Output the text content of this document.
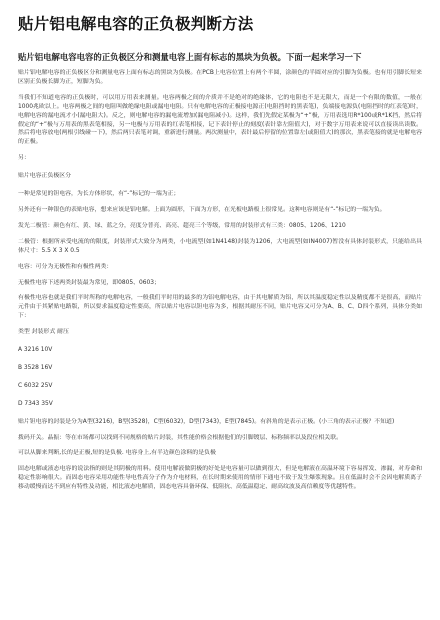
贴片铝电解电容的正负极判断方法
贴片铝电解电容电容的正负极区分和测量电容上面有标志的黑块为负极。下面一起来学习一下

贴片铝电解电容的正负极区分和测量电容上面有标志的黑块为负极。在PCB上电容位置上有两个半圆，涂颜色的半圆对应的引脚为负极。也有用引脚长短来区别正负极长脚为正，短脚为负。

当我们不知道电容的正负极时，可以用万用表来测量。电容两极之间的介质并不是绝对的绝缘体，它的电阻也不是无限大，而是一个有限的数值，一般在1000兆欧以上。电容两极之间的电阻叫做绝缘电阻或漏电电阻。只有电解电容的正极接电源正(电阻挡时的黑表笔)，负端接电源负(电阻挡时的红表笔)时，电解电容的漏电流才小(漏电阻大)。反之，则电解电容的漏电流增加(漏电阻减小)。这样，我们先假定某极为“+”极，万用表选用R*100或R*1K挡，然后将假定的“+”极与万用表的黑表笔相接，另一电极与万用表的红表笔相接，记下表针停止的刻度(表针靠左阻值大)，对于数字万用表来说可以直接读出读数。然后将电容放电(两根引线碰一下)，然后两只表笔对调，重新进行测量。两次测量中，表针最后停留的位置靠左(或阻值大)的那次，黑表笔接的就是电解电容的正极。

另：

贴片电容正负极区分

一种是常见的钽电容，为长方体形状，有“-”标记的一端为正；

另外还有一种银色的表贴电容，想来应该是铝电解。上面为圆形，下面为方形，在光板电路板上很常见。这种电容则是有“-”标记的一端为负。

发光二极管：颜色有红、黄、绿、蓝之分，亮度分普亮、高亮、超亮三个等级，常用的封装形式有三类：0805、1206、1210

二极管：根据所承受电流的的限度，封装形式大致分为两类，小电流型(如1N4148)封装为1206，大电流型(如IN4007)暂没有具体封装形式，只能给出具体尺寸：5.5 X 3 X 0.5

电容：可分为无极性和有极性两类：

无极性电容下述两类封装最为常见，即0805、0603；

有极性电容也就是我们平时所称的电解电容，一般我们平时用的最多的为铝电解电容，由于其电解质为铝，所以其温度稳定性以及精度都不是很高，而贴片元件由于其紧贴电路版，所以要求温度稳定性要高，所以贴片电容以钽电容为多，根据其耐压不同，贴片电容又可分为A、B、C、D四个系列，具体分类如下：

类型 封装形式 耐压

A 3216 10V

B 3528 16V

C 6032 25V

D 7343 35V

贴片钽电容的封装是分为A型(3216)，B型(3528)，C型(6032)，D型(7343)，E型(7845)。有斜角的是表示正极。(小三角的表示正极？不知道)

拨码开关。晶振：等在市场都可以找到不同规格的贴片封装，其性能价格会根据他们的引脚镀层、标称频率以及段位相关联。

可以从脚来判断,长的是正极,短的是负极. 电容身上,有半边颜色涂料的是负极

固态电解或液态电容的说法指的则是其阴极的用料。使用电解液做阴极的好处是电容量可以做到很大，但是电解液在高温环境下容易挥发、渗漏，对寿命和稳定性影响很大。而固态电容采用功能性导电性高分子作为介电材料，在长时期来使用的情形下通电不致于发生爆浆现象。且在低温时会不会因电解质离子移动缓慢而达不到应有特性及功能，相比液态电解质，固态电容具备环保、低阻抗、高低温稳定、耐高纹波及高信赖度等优越特性。
